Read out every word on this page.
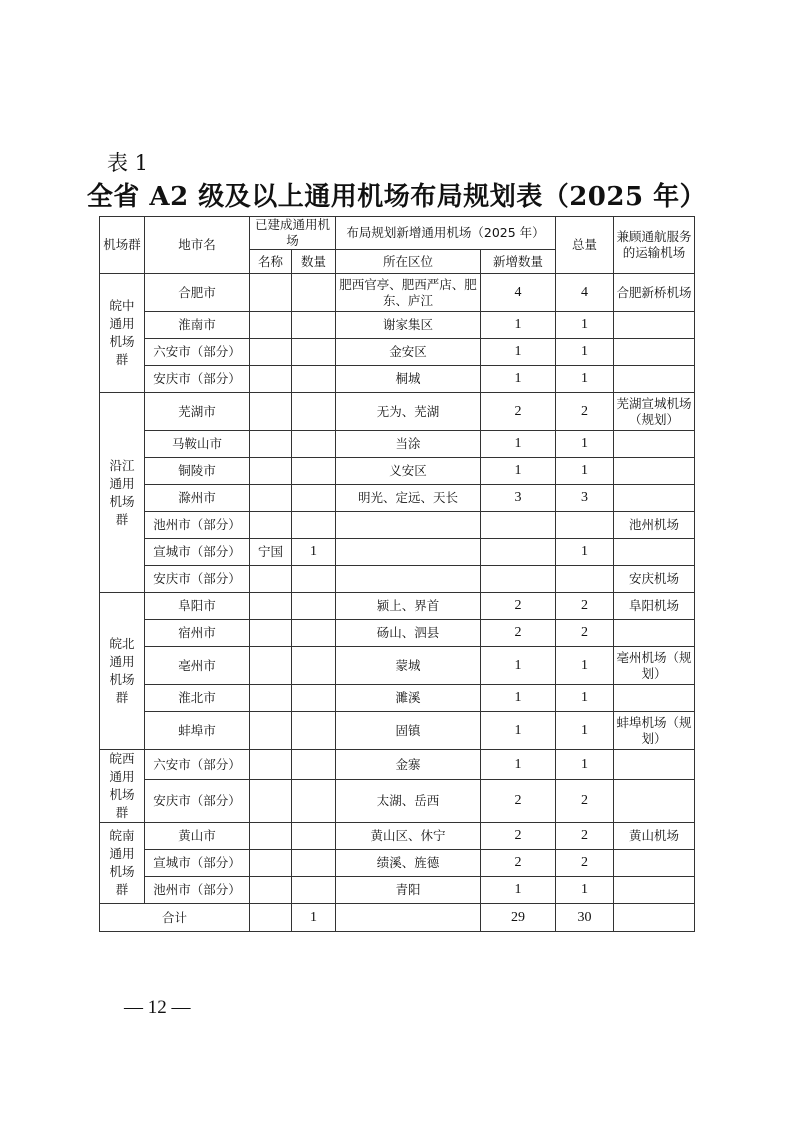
表 1
全省 A2 级及以上通用机场布局规划表（2025 年）
机场群	地市名	已建成通用机场		布局规划新增通用机场（2025 年）		总量	兼顾通航服务的运输机场
		名称	数量	所在区位	新增数量		

皖中通用机场群	合肥市			肥西官亭、肥西严店、肥东、庐江	4	4	合肥新桥机场
	淮南市			谢家集区	1	1	
	六安市（部分）			金安区	1	1	
	安庆市（部分）			桐城	1	1	

沿江通用机场群	芜湖市			无为、芜湖	2	2	芜湖宣城机场（规划）
	马鞍山市			当涂	1	1	
	铜陵市			义安区	1	1	
	滁州市			明光、定远、天长	3	3	
	池州市（部分）						池州机场
	宣城市（部分）	宁国	1			1	
	安庆市（部分）						安庆机场

皖北通用机场群	阜阳市			颍上、界首	2	2	阜阳机场
	宿州市			砀山、泗县	2	2	
	亳州市			蒙城	1	1	亳州机场（规划）
	淮北市			濉溪	1	1	
	蚌埠市			固镇	1	1	蚌埠机场（规划）

皖西通用机场群	六安市（部分）			金寨	1	1	
	安庆市（部分）			太湖、岳西	2	2	

皖南通用机场群	黄山市			黄山区、休宁	2	2	黄山机场
	宣城市（部分）			绩溪、旌德	2	2	
	池州市（部分）			青阳	1	1	
合计			1		29	30	
— 12 —
